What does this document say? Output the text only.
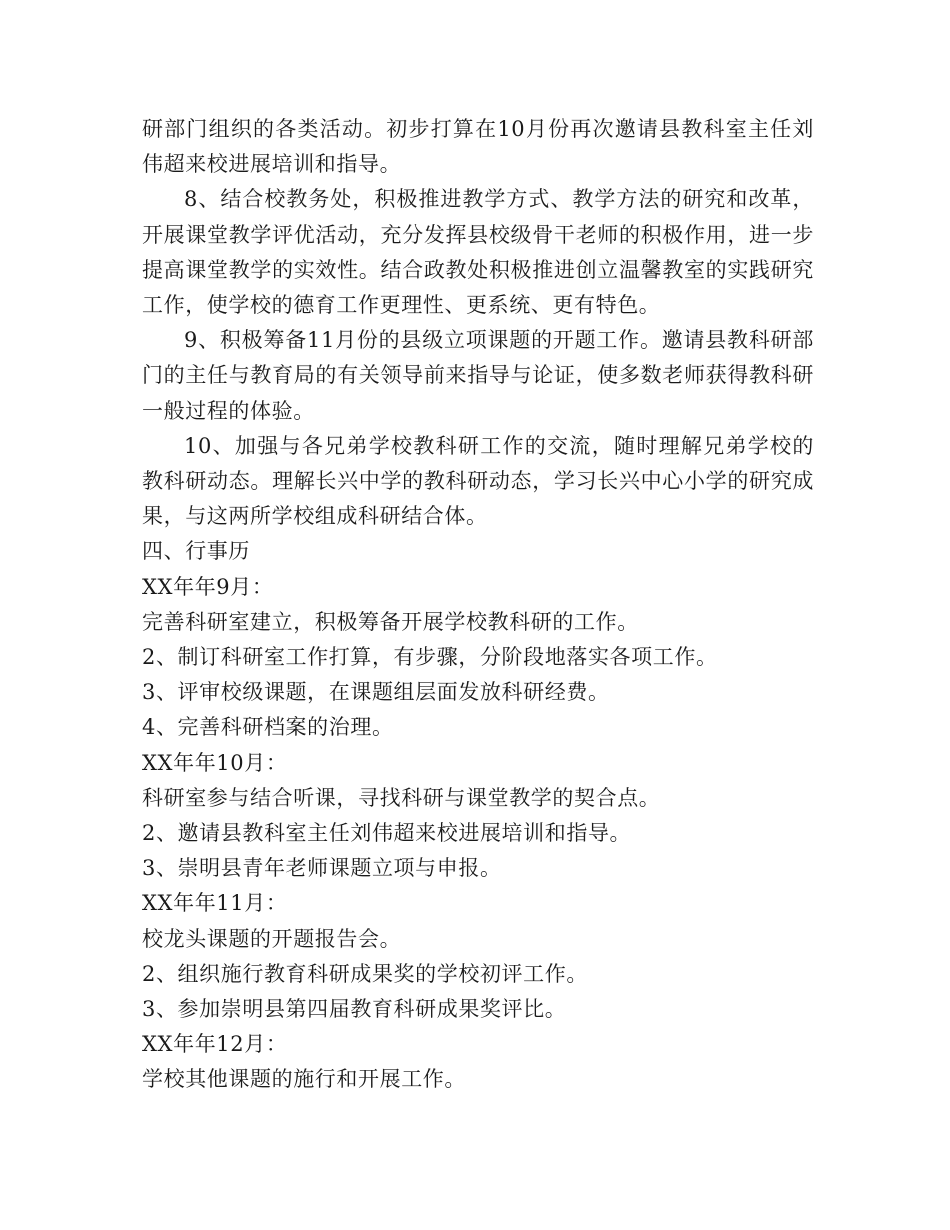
研部门组织的各类活动。初步打算在10月份再次邀请县教科室主任刘伟超来校进展培训和指导。

8、结合校教务处，积极推进教学方式、教学方法的研究和改革，开展课堂教学评优活动，充分发挥县校级骨干老师的积极作用，进一步提高课堂教学的实效性。结合政教处积极推进创立温馨教室的实践研究工作，使学校的德育工作更理性、更系统、更有特色。

9、积极筹备11月份的县级立项课题的开题工作。邀请县教科研部门的主任与教育局的有关领导前来指导与论证，使多数老师获得教科研一般过程的体验。

10、加强与各兄弟学校教科研工作的交流，随时理解兄弟学校的教科研动态。理解长兴中学的教科研动态，学习长兴中心小学的研究成果，与这两所学校组成科研结合体。

四、行事历

XX年年9月：

完善科研室建立，积极筹备开展学校教科研的工作。

2、制订科研室工作打算，有步骤，分阶段地落实各项工作。

3、评审校级课题，在课题组层面发放科研经费。

4、完善科研档案的治理。

XX年年10月：

科研室参与结合听课，寻找科研与课堂教学的契合点。

2、邀请县教科室主任刘伟超来校进展培训和指导。

3、崇明县青年老师课题立项与申报。

XX年年11月：

校龙头课题的开题报告会。

2、组织施行教育科研成果奖的学校初评工作。

3、参加崇明县第四届教育科研成果奖评比。

XX年年12月：

学校其他课题的施行和开展工作。
